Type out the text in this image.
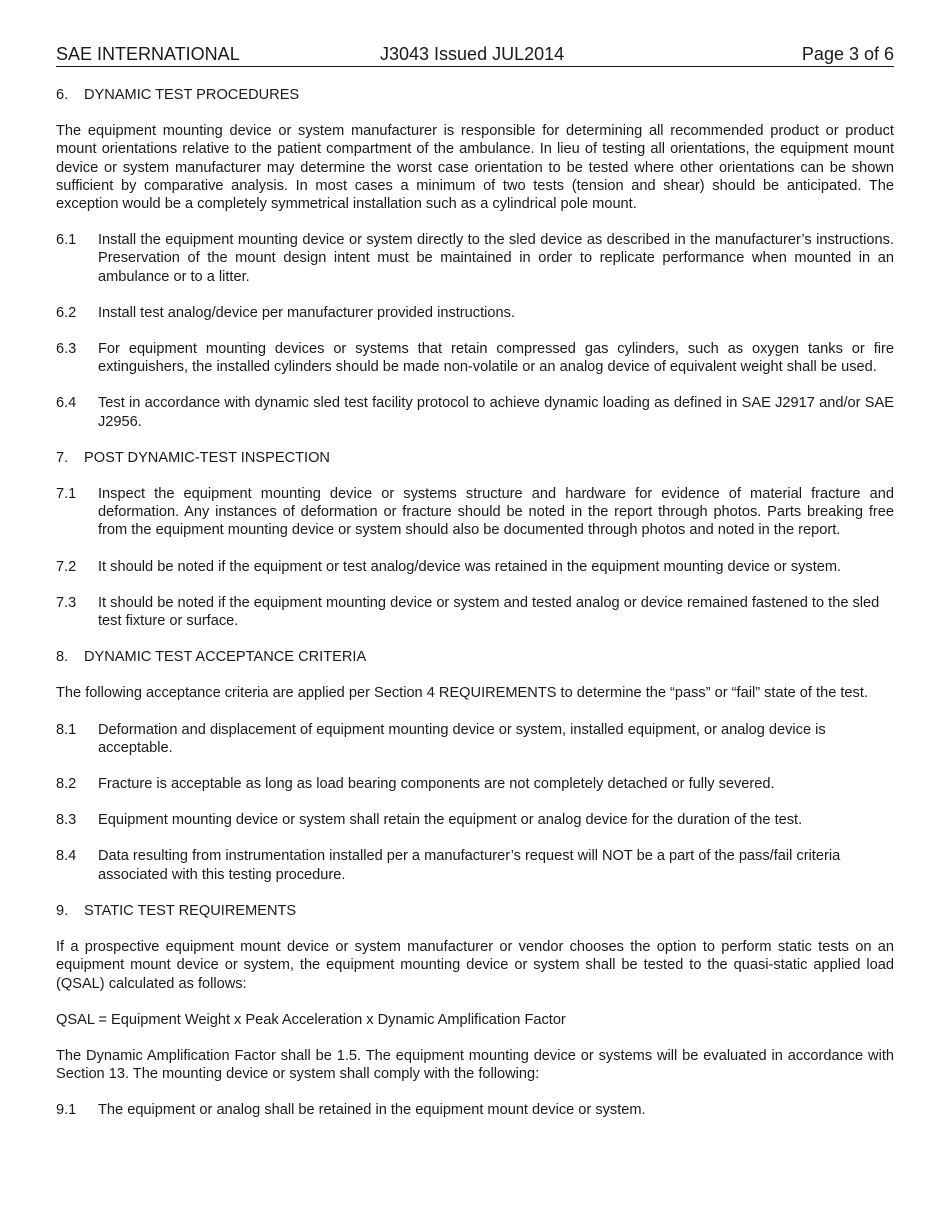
SAE INTERNATIONAL	J3043 Issued JUL2014	Page 3 of 6
6. DYNAMIC TEST PROCEDURES

The equipment mounting device or system manufacturer is responsible for determining all recommended product or product mount orientations relative to the patient compartment of the ambulance. In lieu of testing all orientations, the equipment mount device or system manufacturer may determine the worst case orientation to be tested where other orientations can be shown sufficient by comparative analysis. In most cases a minimum of two tests (tension and shear) should be anticipated. The exception would be a completely symmetrical installation such as a cylindrical pole mount.

6.1	Install the equipment mounting device or system directly to the sled device as described in the manufacturer’s instructions. Preservation of the mount design intent must be maintained in order to replicate performance when mounted in an ambulance or to a litter.
6.2	Install test analog/device per manufacturer provided instructions.
6.3	For equipment mounting devices or systems that retain compressed gas cylinders, such as oxygen tanks or fire extinguishers, the installed cylinders should be made non-volatile or an analog device of equivalent weight shall be used.
6.4	Test in accordance with dynamic sled test facility protocol to achieve dynamic loading as defined in SAE J2917 and/or SAE J2956.
7. POST DYNAMIC-TEST INSPECTION
7.1	Inspect the equipment mounting device or systems structure and hardware for evidence of material fracture and deformation. Any instances of deformation or fracture should be noted in the report through photos. Parts breaking free from the equipment mounting device or system should also be documented through photos and noted in the report.
7.2	It should be noted if the equipment or test analog/device was retained in the equipment mounting device or system.
7.3	It should be noted if the equipment mounting device or system and tested analog or device remained fastened to the sled test fixture or surface.
8. DYNAMIC TEST ACCEPTANCE CRITERIA

The following acceptance criteria are applied per Section 4 REQUIREMENTS to determine the “pass” or “fail” state of the test.

8.1	Deformation and displacement of equipment mounting device or system, installed equipment, or analog device is acceptable.
8.2	Fracture is acceptable as long as load bearing components are not completely detached or fully severed.
8.3	Equipment mounting device or system shall retain the equipment or analog device for the duration of the test.
8.4	Data resulting from instrumentation installed per a manufacturer’s request will NOT be a part of the pass/fail criteria associated with this testing procedure.
9. STATIC TEST REQUIREMENTS

If a prospective equipment mount device or system manufacturer or vendor chooses the option to perform static tests on an equipment mount device or system, the equipment mounting device or system shall be tested to the quasi-static applied load (QSAL) calculated as follows:

QSAL = Equipment Weight x Peak Acceleration x Dynamic Amplification Factor

The Dynamic Amplification Factor shall be 1.5. The equipment mounting device or systems will be evaluated in accordance with Section 13. The mounting device or system shall comply with the following:

9.1	The equipment or analog shall be retained in the equipment mount device or system.
